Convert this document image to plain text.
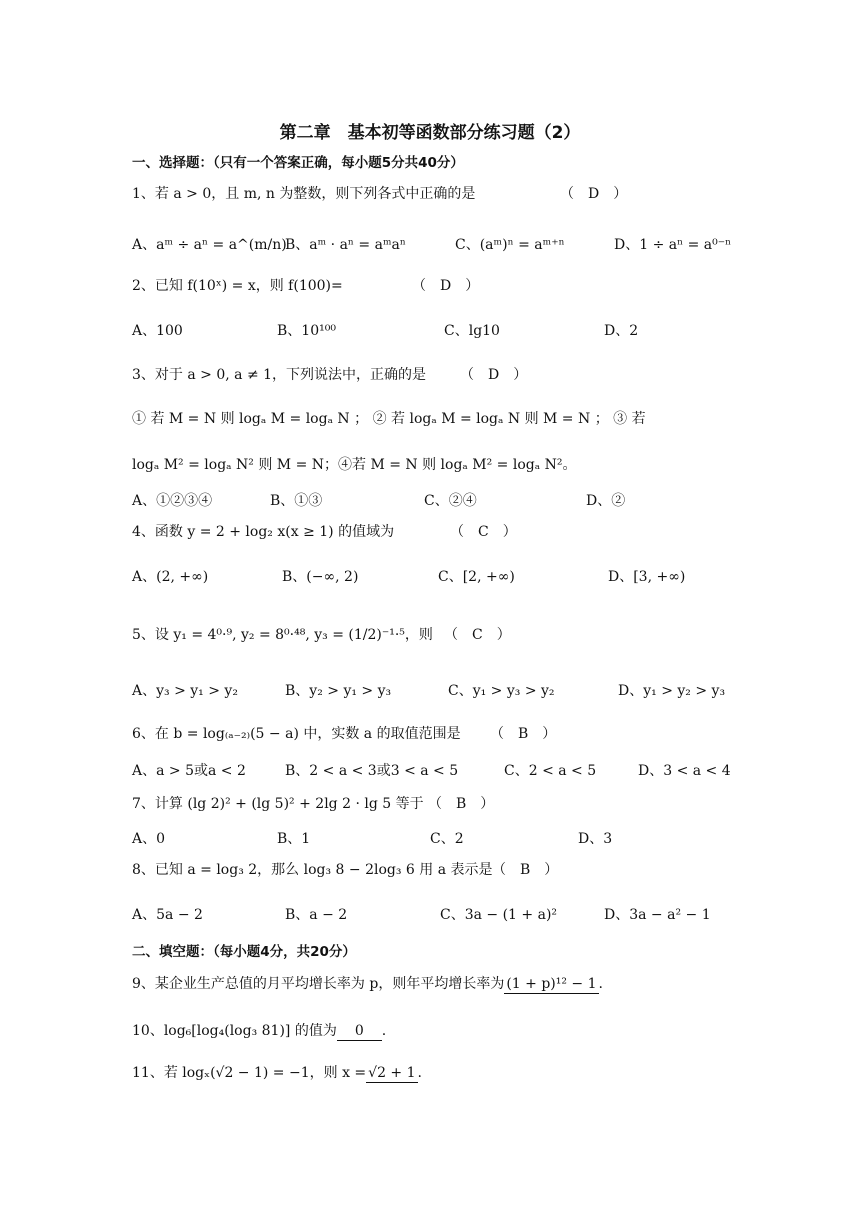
第二章　基本初等函数部分练习题（2）
一、选择题：（只有一个答案正确，每小题5分共40分）
1、若 a > 0，且 m, n 为整数，则下列各式中正确的是	（　D　）
A、aᵐ ÷ aⁿ = a^(m/n)
B、aᵐ · aⁿ = aᵐaⁿ	C、(aᵐ)ⁿ = aᵐ⁺ⁿ	D、1 ÷ aⁿ = a⁰⁻ⁿ
2、已知 f(10ˣ) = x，则 f(100)=	（　D　）
A、100	B、10¹⁰⁰	C、lg10	D、2
3、对于 a > 0, a ≠ 1，下列说法中，正确的是 （　D　）
① 若 M = N 则 logₐ M = logₐ N ； ② 若 logₐ M = logₐ N 则 M = N ； ③ 若
logₐ M² = logₐ N² 则 M = N；④若 M = N 则 logₐ M² = logₐ N²。
A、①②③④	B、①③	C、②④	D、②
4、函数 y = 2 + log₂ x(x ≥ 1) 的值域为	（　C　）
A、(2, +∞)	B、(−∞, 2)	C、[2, +∞)	D、[3, +∞)
5、设 y₁ = 4⁰·⁹, y₂ = 8⁰·⁴⁸, y₃ = (1/2)⁻¹·⁵，则 （　C　）
A、y₃ > y₁ > y₂	B、y₂ > y₁ > y₃	C、y₁ > y₃ > y₂	D、y₁ > y₂ > y₃
6、在 b = log₍ₐ₋₂₎(5 − a) 中，实数 a 的取值范围是 （　B　）
A、a > 5或a < 2	B、2 < a < 3或3 < a < 5	C、2 < a < 5	D、3 < a < 4
7、计算 (lg 2)² + (lg 5)² + 2lg 2 · lg 5 等于 （　B　）
A、0	B、1	C、2	D、3
8、已知 a = log₃ 2，那么 log₃ 8 − 2log₃ 6 用 a 表示是 （　B　）
A、5a − 2	B、a − 2	C、3a − (1 + a)²	D、3a − a² − 1
二、填空题：（每小题4分，共20分）
9、某企业生产总值的月平均增长率为 p，则年平均增长率为 (1 + p)¹² − 1 .
10、log₆[log₄(log₃ 81)] 的值为 0 .
11、若 logₓ(√2 − 1) = −1，则 x = √2 + 1 .
